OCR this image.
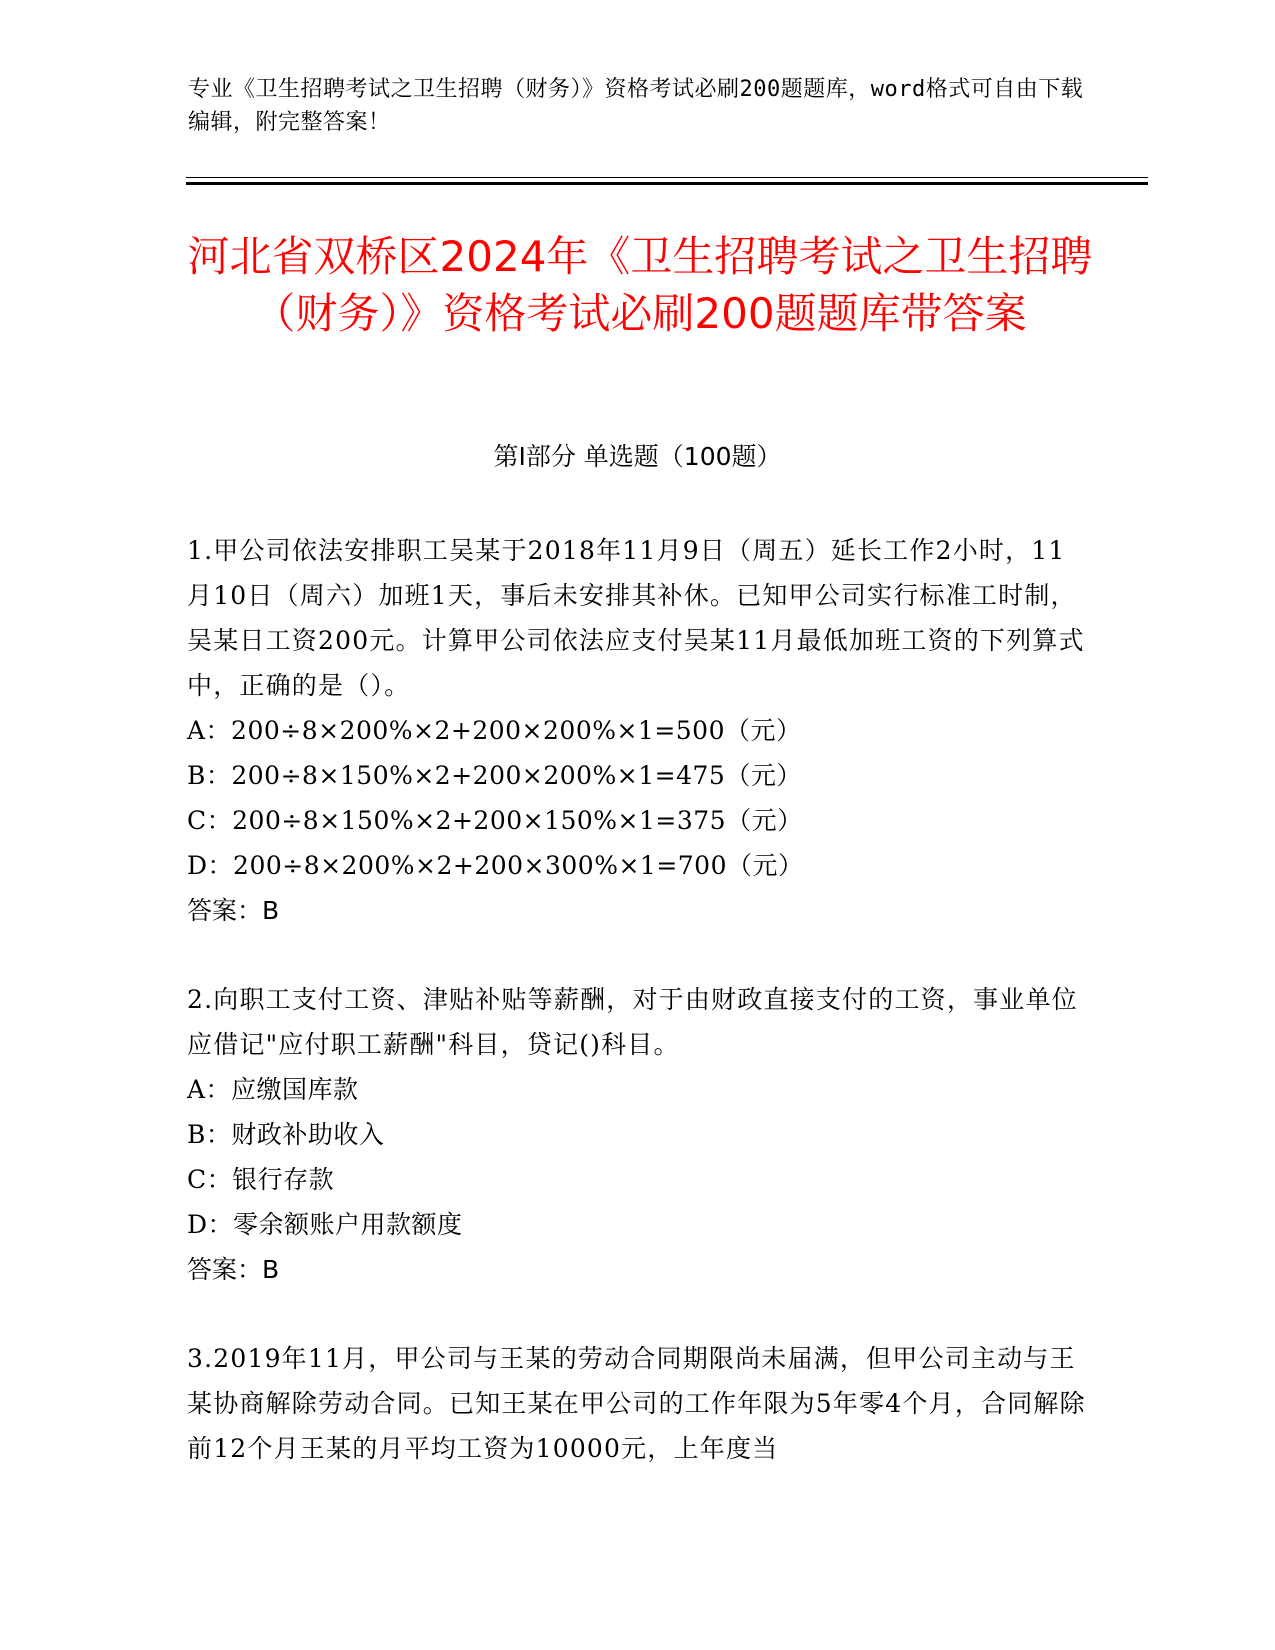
专业《卫生招聘考试之卫生招聘（财务）》资格考试必刷200题题库，word格式可自由下载编辑，附完整答案！
河北省双桥区2024年《卫生招聘考试之卫生招聘（财务）》资格考试必刷200题题库带答案
第I部分 单选题（100题）

1.甲公司依法安排职工吴某于2018年11月9日（周五）延长工作2小时，11月10日（周六）加班1天，事后未安排其补休。已知甲公司实行标准工时制，吴某日工资200元。计算甲公司依法应支付吴某11月最低加班工资的下列算式中，正确的是（）。

A：200÷8×200%×2+200×200%×1=500（元）

B：200÷8×150%×2+200×200%×1=475（元）

C：200÷8×150%×2+200×150%×1=375（元）

D：200÷8×200%×2+200×300%×1=700（元）

答案：B

2.向职工支付工资、津贴补贴等薪酬，对于由财政直接支付的工资，事业单位应借记"应付职工薪酬"科目，贷记()科目。

A：应缴国库款

B：财政补助收入

C：银行存款

D：零余额账户用款额度

答案：B

3.2019年11月，甲公司与王某的劳动合同期限尚未届满，但甲公司主动与王某协商解除劳动合同。已知王某在甲公司的工作年限为5年零4个月，合同解除前12个月王某的月平均工资为10000元，上年度当
